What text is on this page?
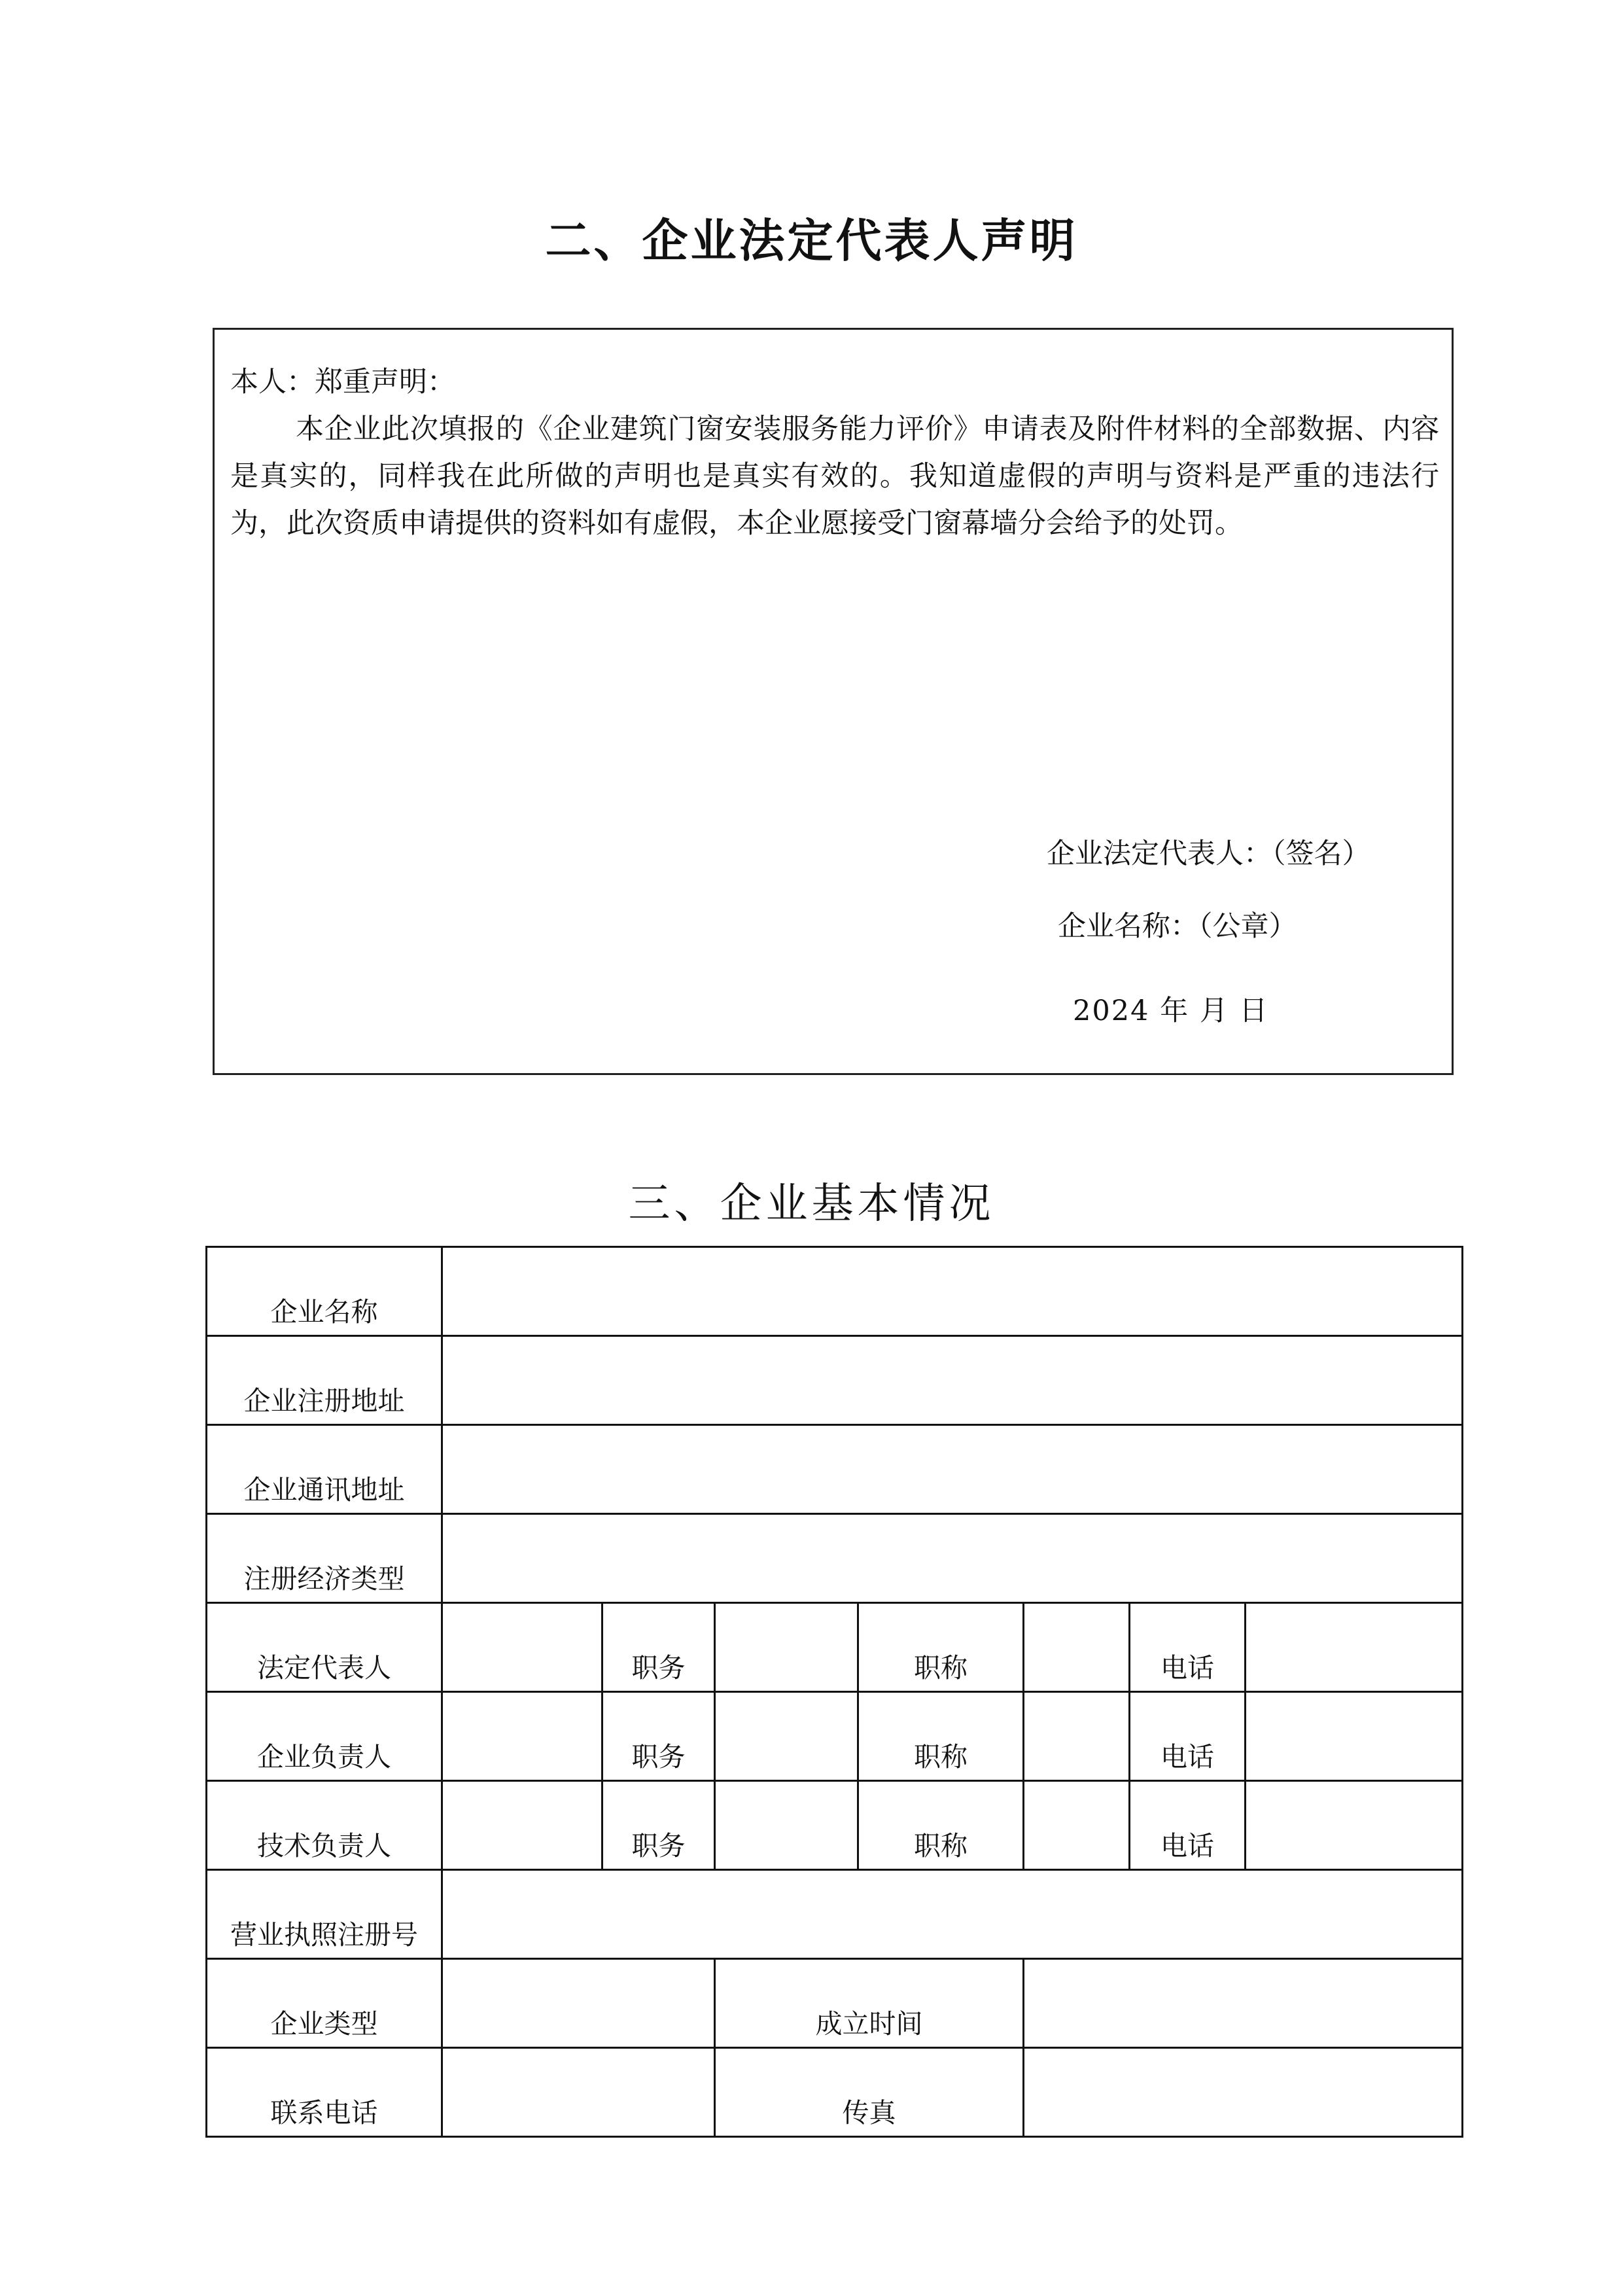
二、企业法定代表人声明
本人：郑重声明：
本企业此次填报的《企业建筑门窗安装服务能力评价》申请表及附件材料的全部数据、内容是真实的，同样我在此所做的声明也是真实有效的。我知道虚假的声明与资料是严重的违法行为，此次资质申请提供的资料如有虚假，本企业愿接受门窗幕墙分会给予的处罚。
企业法定代表人：（签名）
企业名称：（公章）
2024 年 月 日
三、企业基本情况
企业名称							
企业注册地址							
企业通讯地址							
注册经济类型							
法定代表人		职务		职称		电话	
企业负责人		职务		职称		电话	
技术负责人		职务		职称		电话	
营业执照注册号							
企业类型			成立时间				
联系电话			传真				
